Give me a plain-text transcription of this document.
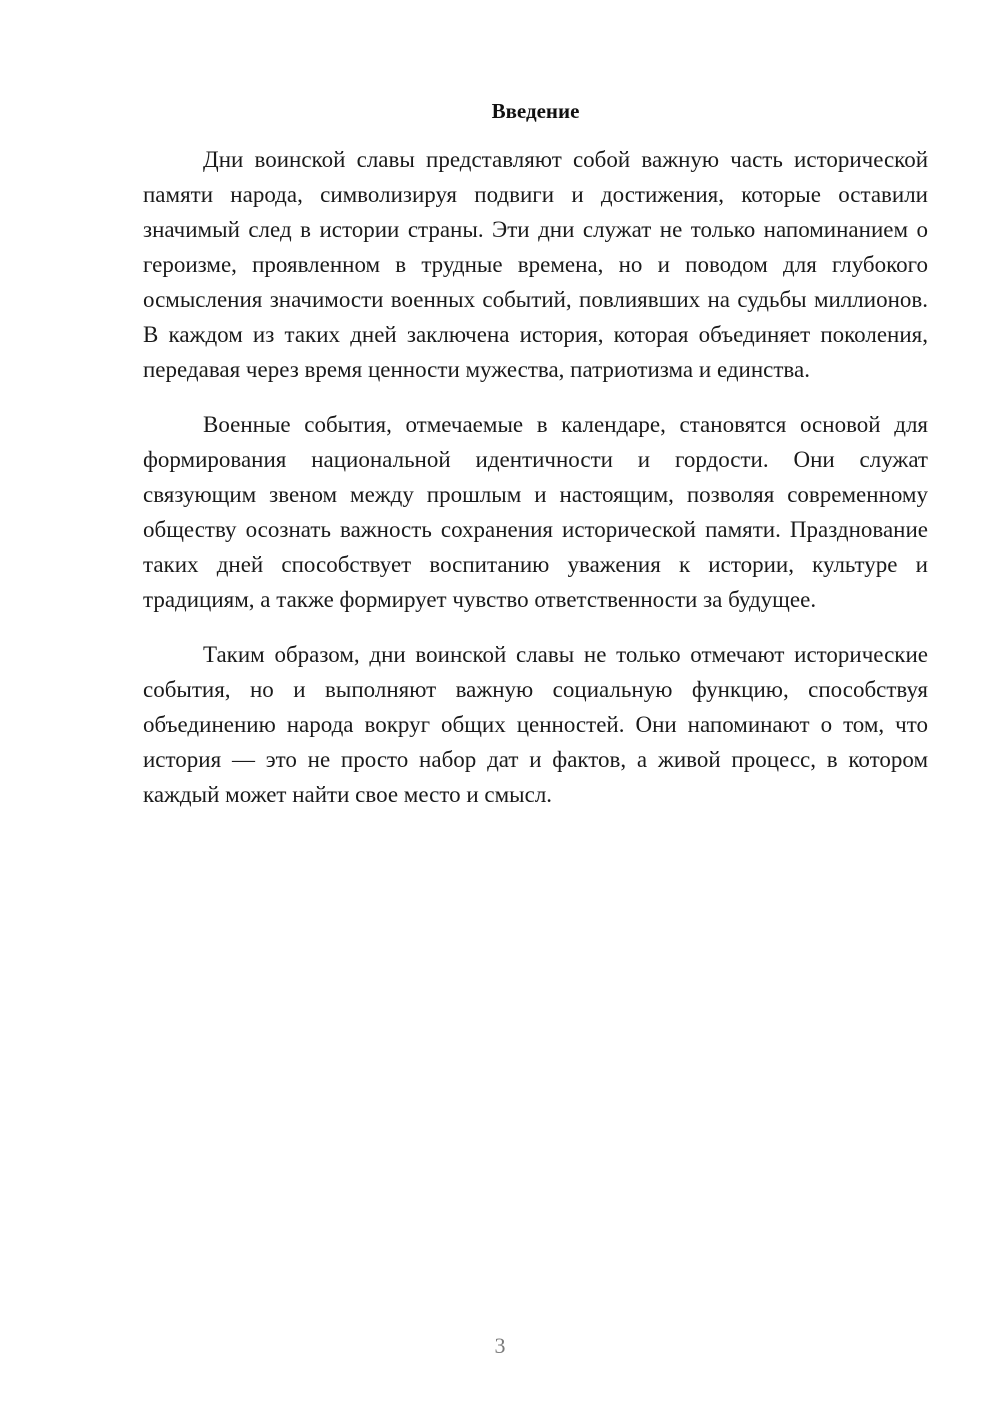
Введение

Дни воинской славы представляют собой важную часть исторической памяти народа, символизируя подвиги и достижения, которые оставили значимый след в истории страны. Эти дни служат не только напоминанием о героизме, проявленном в трудные времена, но и поводом для глубокого осмысления значимости военных событий, повлиявших на судьбы миллионов. В каждом из таких дней заключена история, которая объединяет поколения, передавая через время ценности мужества, патриотизма и единства.

Военные события, отмечаемые в календаре, становятся основой для формирования национальной идентичности и гордости. Они служат связующим звеном между прошлым и настоящим, позволяя современному обществу осознать важность сохранения исторической памяти. Празднование таких дней способствует воспитанию уважения к истории, культуре и традициям, а также формирует чувство ответственности за будущее.

Таким образом, дни воинской славы не только отмечают исторические события, но и выполняют важную социальную функцию, способствуя объединению народа вокруг общих ценностей. Они напоминают о том, что история — это не просто набор дат и фактов, а живой процесс, в котором каждый может найти свое место и смысл.

3
